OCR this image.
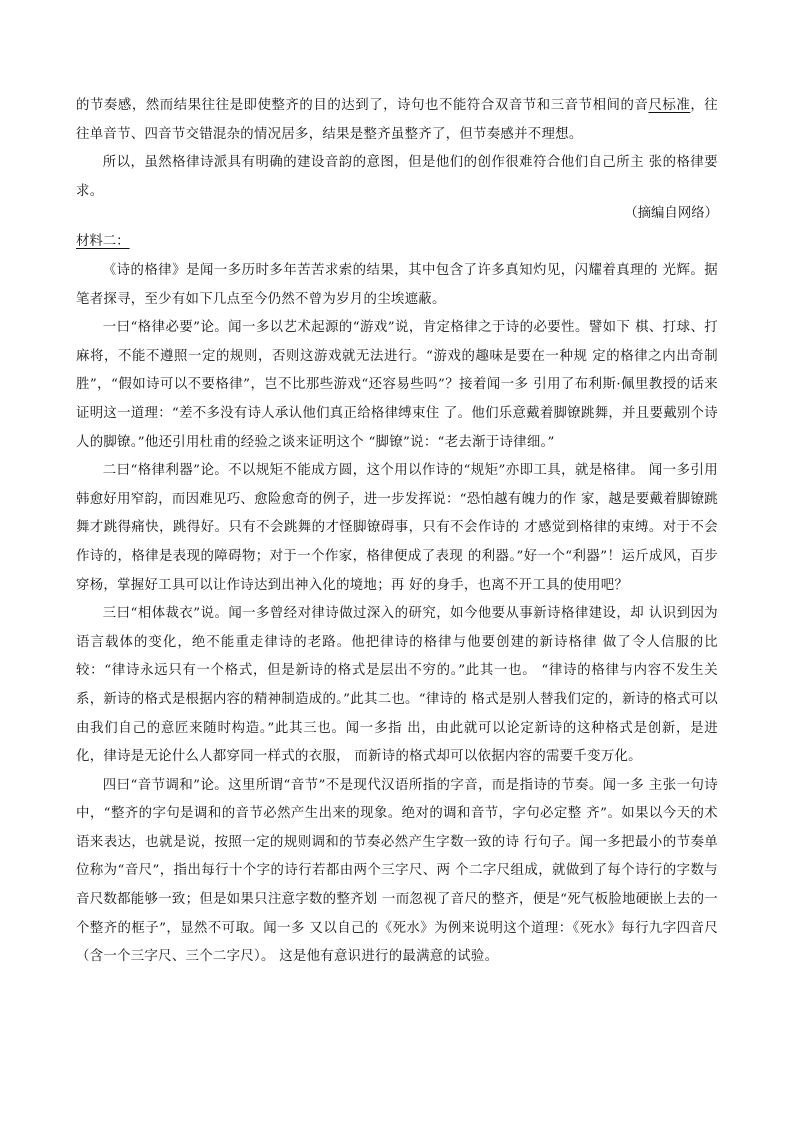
的节奏感，然而结果往往是即使整齐的目的达到了，诗句也不能符合双音节和三音节相间的音尺标准，往往单音节、四音节交错混杂的情况居多，结果是整齐虽整齐了，但节奏感并不理想。

所以，虽然格律诗派具有明确的建设音韵的意图，但是他们的创作很难符合他们自己所主 张的格律要求。

（摘编自网络）
材料二：

《诗的格律》是闻一多历时多年苦苦求索的结果，其中包含了许多真知灼见，闪耀着真理的 光辉。据笔者探寻，至少有如下几点至今仍然不曾为岁月的尘埃遮蔽。

一曰“格律必要”论。闻一多以艺术起源的“游戏”说，肯定格律之于诗的必要性。譬如下 棋、打球、打麻将，不能不遵照一定的规则，否则这游戏就无法进行。“游戏的趣味是要在一种规 定的格律之内出奇制胜”，“假如诗可以不要格律”，岂不比那些游戏“还容易些吗”？接着闻一多 引用了布利斯·佩里教授的话来证明这一道理：“差不多没有诗人承认他们真正给格律缚束住 了。他们乐意戴着脚镣跳舞，并且要戴别个诗人的脚镣。”他还引用杜甫的经验之谈来证明这个 “脚镣”说：“老去渐于诗律细。”

二曰“格律利器”论。不以规矩不能成方圆，这个用以作诗的“规矩”亦即工具，就是格律。 闻一多引用韩愈好用窄韵，而因难见巧、愈险愈奇的例子，进一步发挥说：“恐怕越有魄力的作 家，越是要戴着脚镣跳舞才跳得痛快，跳得好。只有不会跳舞的才怪脚镣碍事，只有不会作诗的 才感觉到格律的束缚。对于不会作诗的，格律是表现的障碍物；对于一个作家，格律便成了表现 的利器。”好一个“利器”！运斤成风，百步穿杨，掌握好工具可以让作诗达到出神入化的境地；再 好的身手，也离不开工具的使用吧？

三曰“相体裁衣”说。闻一多曾经对律诗做过深入的研究，如今他要从事新诗格律建设，却 认识到因为语言载体的变化，绝不能重走律诗的老路。他把律诗的格律与他要创建的新诗格律 做了令人信服的比较：“律诗永远只有一个格式，但是新诗的格式是层出不穷的。”此其一也。 “律诗的格律与内容不发生关系，新诗的格式是根据内容的精神制造成的。”此其二也。“律诗的 格式是别人替我们定的，新诗的格式可以由我们自己的意匠来随时构造。”此其三也。闻一多指 出，由此就可以论定新诗的这种格式是创新，是进化，律诗是无论什么人都穿同一样式的衣服， 而新诗的格式却可以依据内容的需要千变万化。

四曰“音节调和”论。这里所谓“音节”不是现代汉语所指的字音，而是指诗的节奏。闻一多 主张一句诗中，“整齐的字句是调和的音节必然产生出来的现象。绝对的调和音节，字句必定整 齐”。如果以今天的术语来表达，也就是说，按照一定的规则调和的节奏必然产生字数一致的诗 行句子。闻一多把最小的节奏单位称为“音尺”，指出每行十个字的诗行若都由两个三字尺、两 个二字尺组成，就做到了每个诗行的字数与音尺数都能够一致；但是如果只注意字数的整齐划 一而忽视了音尺的整齐，便是“死气板脸地硬嵌上去的一个整齐的框子”，显然不可取。闻一多 又以自己的《死水》为例来说明这个道理：《死水》每行九字四音尺（含一个三字尺、三个二字尺）。 这是他有意识进行的最满意的试验。
